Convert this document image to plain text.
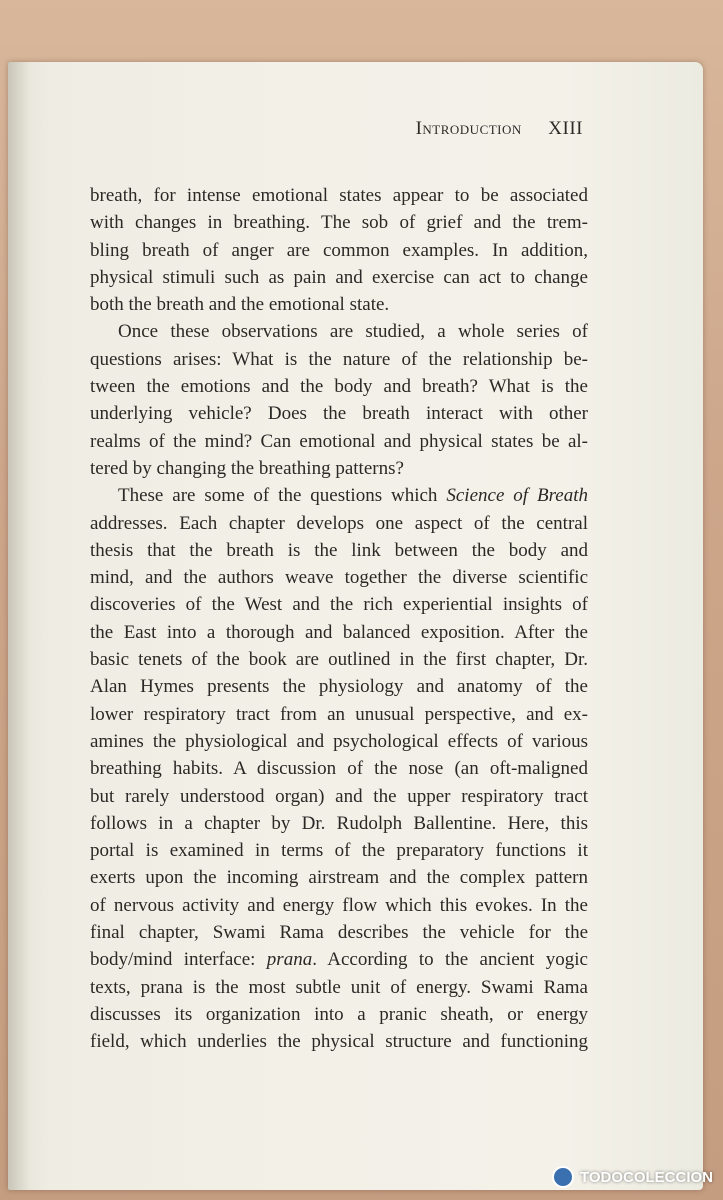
Introduction XIII
breath, for intense emotional states appear to be associated
with changes in breathing. The sob of grief and the trem-
bling breath of anger are common examples. In addition,
physical stimuli such as pain and exercise can act to change
both the breath and the emotional state.
Once these observations are studied, a whole series of
questions arises: What is the nature of the relationship be-
tween the emotions and the body and breath? What is the
underlying vehicle? Does the breath interact with other
realms of the mind? Can emotional and physical states be al-
tered by changing the breathing patterns?
These are some of the questions which Science of Breath
addresses. Each chapter develops one aspect of the central
thesis that the breath is the link between the body and
mind, and the authors weave together the diverse scientific
discoveries of the West and the rich experiential insights of
the East into a thorough and balanced exposition. After the
basic tenets of the book are outlined in the first chapter, Dr.
Alan Hymes presents the physiology and anatomy of the
lower respiratory tract from an unusual perspective, and ex-
amines the physiological and psychological effects of various
breathing habits. A discussion of the nose (an oft-maligned
but rarely understood organ) and the upper respiratory tract
follows in a chapter by Dr. Rudolph Ballentine. Here, this
portal is examined in terms of the preparatory functions it
exerts upon the incoming airstream and the complex pattern
of nervous activity and energy flow which this evokes. In the
final chapter, Swami Rama describes the vehicle for the
body/mind interface: prana. According to the ancient yogic
texts, prana is the most subtle unit of energy. Swami Rama
discusses its organization into a pranic sheath, or energy
field, which underlies the physical structure and functioning
TODOCOLECCION
